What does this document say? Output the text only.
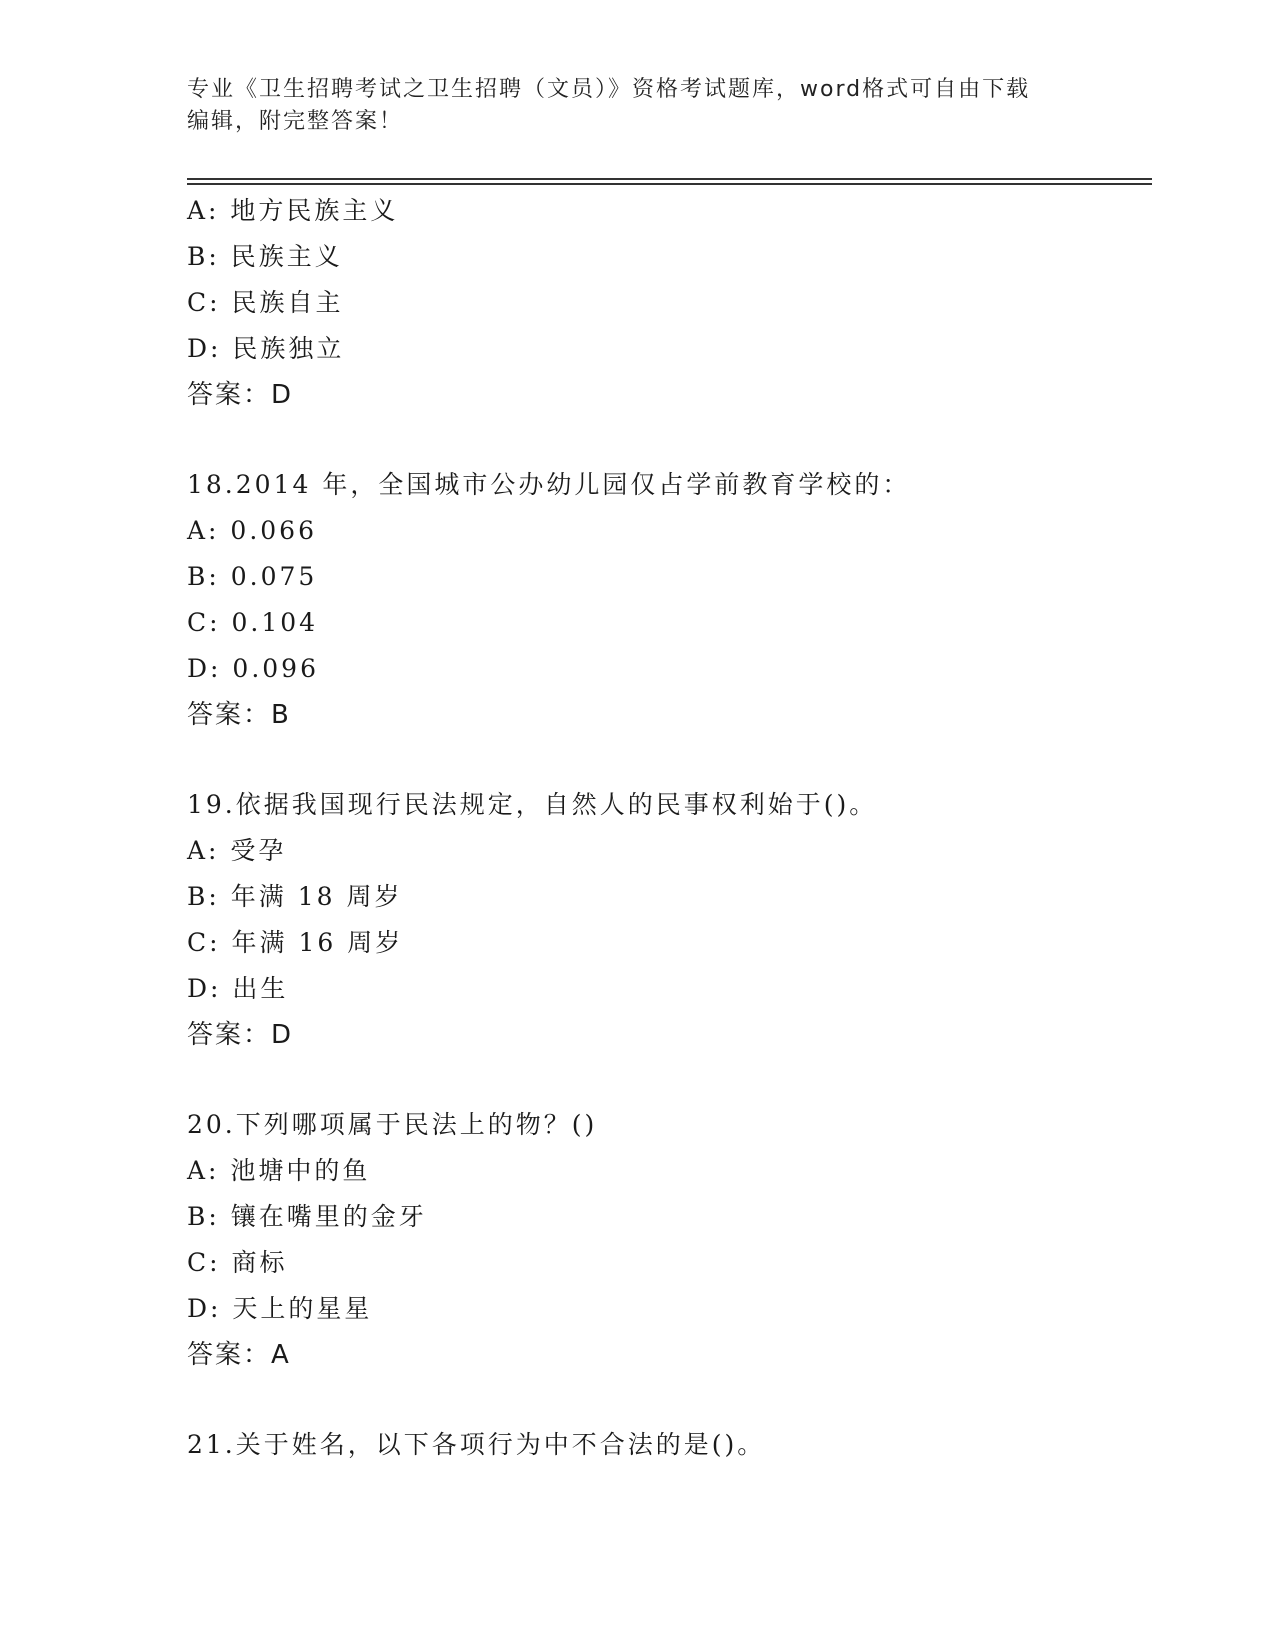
专业《卫生招聘考试之卫生招聘（文员）》资格考试题库，word格式可自由下载
编辑，附完整答案！
A: 地方民族主义
B: 民族主义
C: 民族自主
D: 民族独立
答案：D
18.2014 年，全国城市公办幼儿园仅占学前教育学校的：
A: 0.066
B: 0.075
C: 0.104
D: 0.096
答案：B
19.依据我国现行民法规定，自然人的民事权利始于()。
A: 受孕
B: 年满 18 周岁
C: 年满 16 周岁
D: 出生
答案：D
20.下列哪项属于民法上的物？()
A: 池塘中的鱼
B: 镶在嘴里的金牙
C: 商标
D: 天上的星星
答案：A
21.关于姓名，以下各项行为中不合法的是()。
